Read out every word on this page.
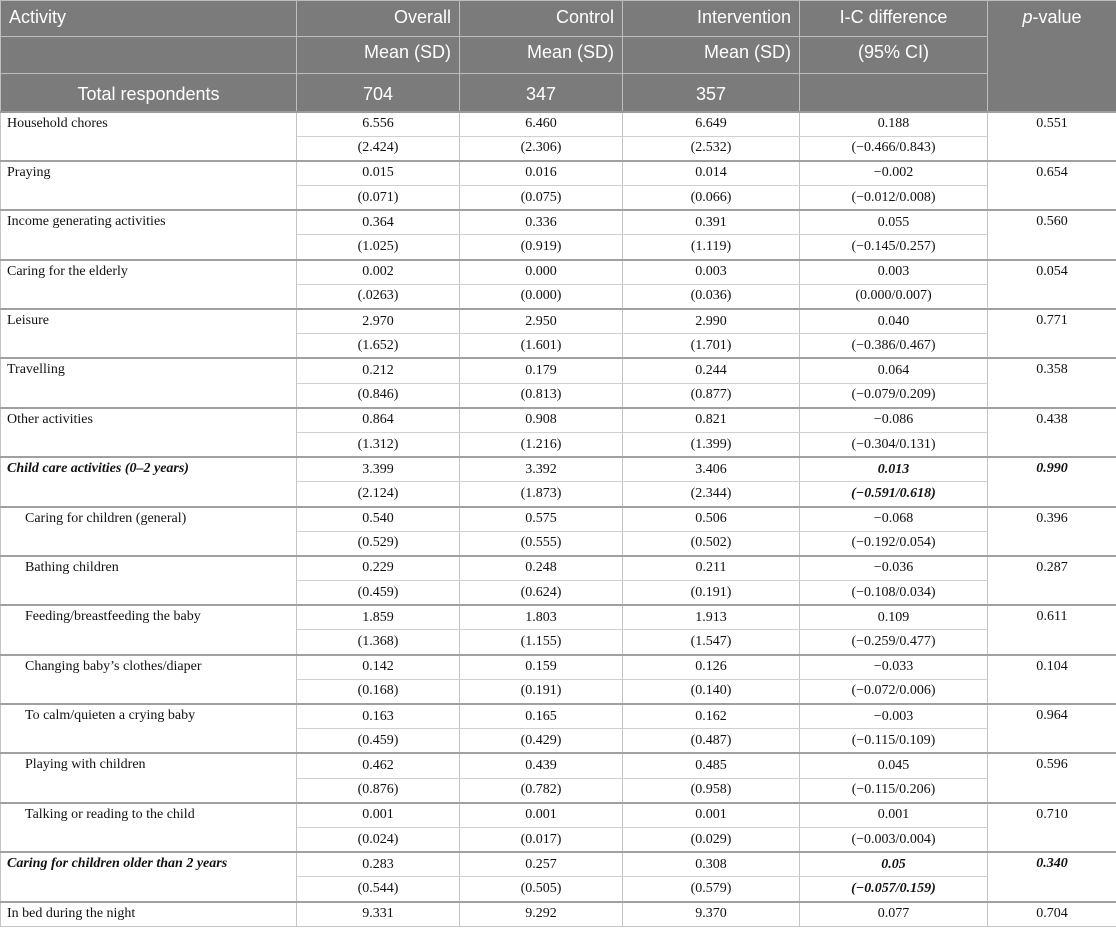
Activity	Overall	Control	Intervention	I-C difference	p-value
	Mean (SD)	Mean (SD)	Mean (SD)	(95% CI)	
Total respondents	704	347	357		
Household chores	6.556	6.460	6.649	0.188	0.551
	(2.424)	(2.306)	(2.532)	(−0.466/0.843)	
Praying	0.015	0.016	0.014	−0.002	0.654
	(0.071)	(0.075)	(0.066)	(−0.012/0.008)	
Income generating activities	0.364	0.336	0.391	0.055	0.560
	(1.025)	(0.919)	(1.119)	(−0.145/0.257)	
Caring for the elderly	0.002	0.000	0.003	0.003	0.054
	(.0263)	(0.000)	(0.036)	(0.000/0.007)	
Leisure	2.970	2.950	2.990	0.040	0.771
	(1.652)	(1.601)	(1.701)	(−0.386/0.467)	
Travelling	0.212	0.179	0.244	0.064	0.358
	(0.846)	(0.813)	(0.877)	(−0.079/0.209)	
Other activities	0.864	0.908	0.821	−0.086	0.438
	(1.312)	(1.216)	(1.399)	(−0.304/0.131)	
Child care activities (0–2 years)	3.399	3.392	3.406	0.013	0.990
	(2.124)	(1.873)	(2.344)	(−0.591/0.618)	
Caring for children (general)	0.540	0.575	0.506	−0.068	0.396
	(0.529)	(0.555)	(0.502)	(−0.192/0.054)	
Bathing children	0.229	0.248	0.211	−0.036	0.287
	(0.459)	(0.624)	(0.191)	(−0.108/0.034)	
Feeding/breastfeeding the baby	1.859	1.803	1.913	0.109	0.611
	(1.368)	(1.155)	(1.547)	(−0.259/0.477)	
Changing baby’s clothes/diaper	0.142	0.159	0.126	−0.033	0.104
	(0.168)	(0.191)	(0.140)	(−0.072/0.006)	
To calm/quieten a crying baby	0.163	0.165	0.162	−0.003	0.964
	(0.459)	(0.429)	(0.487)	(−0.115/0.109)	
Playing with children	0.462	0.439	0.485	0.045	0.596
	(0.876)	(0.782)	(0.958)	(−0.115/0.206)	
Talking or reading to the child	0.001	0.001	0.001	0.001	0.710
	(0.024)	(0.017)	(0.029)	(−0.003/0.004)	
Caring for children older than 2 years	0.283	0.257	0.308	0.05	0.340
	(0.544)	(0.505)	(0.579)	(−0.057/0.159)	
In bed during the night	9.331	9.292	9.370	0.077	0.704
